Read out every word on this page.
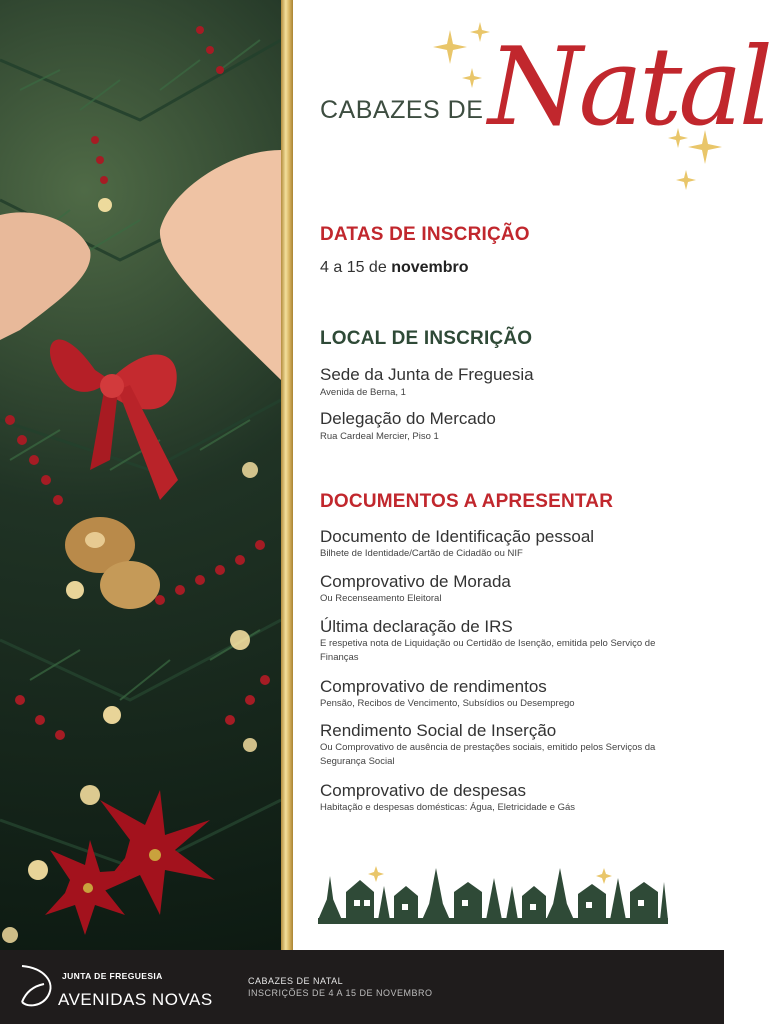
CABAZES DE Natal
DATAS DE INSCRIÇÃO
4 a 15 de novembro
LOCAL DE INSCRIÇÃO
Sede da Junta de Freguesia
Avenida de Berna, 1
Delegação do Mercado
Rua Cardeal Mercier, Piso 1
DOCUMENTOS A APRESENTAR
Documento de Identificação pessoal
Bilhete de Identidade/Cartão de Cidadão ou NIF
Comprovativo de Morada
Ou Recenseamento Eleitoral
Última declaração de IRS
E respetiva nota de Liquidação ou Certidão de Isenção, emitida pelo Serviço de Finanças
Comprovativo de rendimentos
Pensão, Recibos de Vencimento, Subsídios ou Desemprego
Rendimento Social de Inserção
Ou Comprovativo de ausência de prestações sociais, emitido pelos Serviços da Segurança Social
Comprovativo de despesas
Habitação e despesas domésticas: Água, Eletricidade e Gás
JUNTA DE FREGUESIA
AVENIDAS NOVAS
CABAZES DE NATAL
INSCRIÇÕES DE 4 A 15 DE NOVEMBRO
